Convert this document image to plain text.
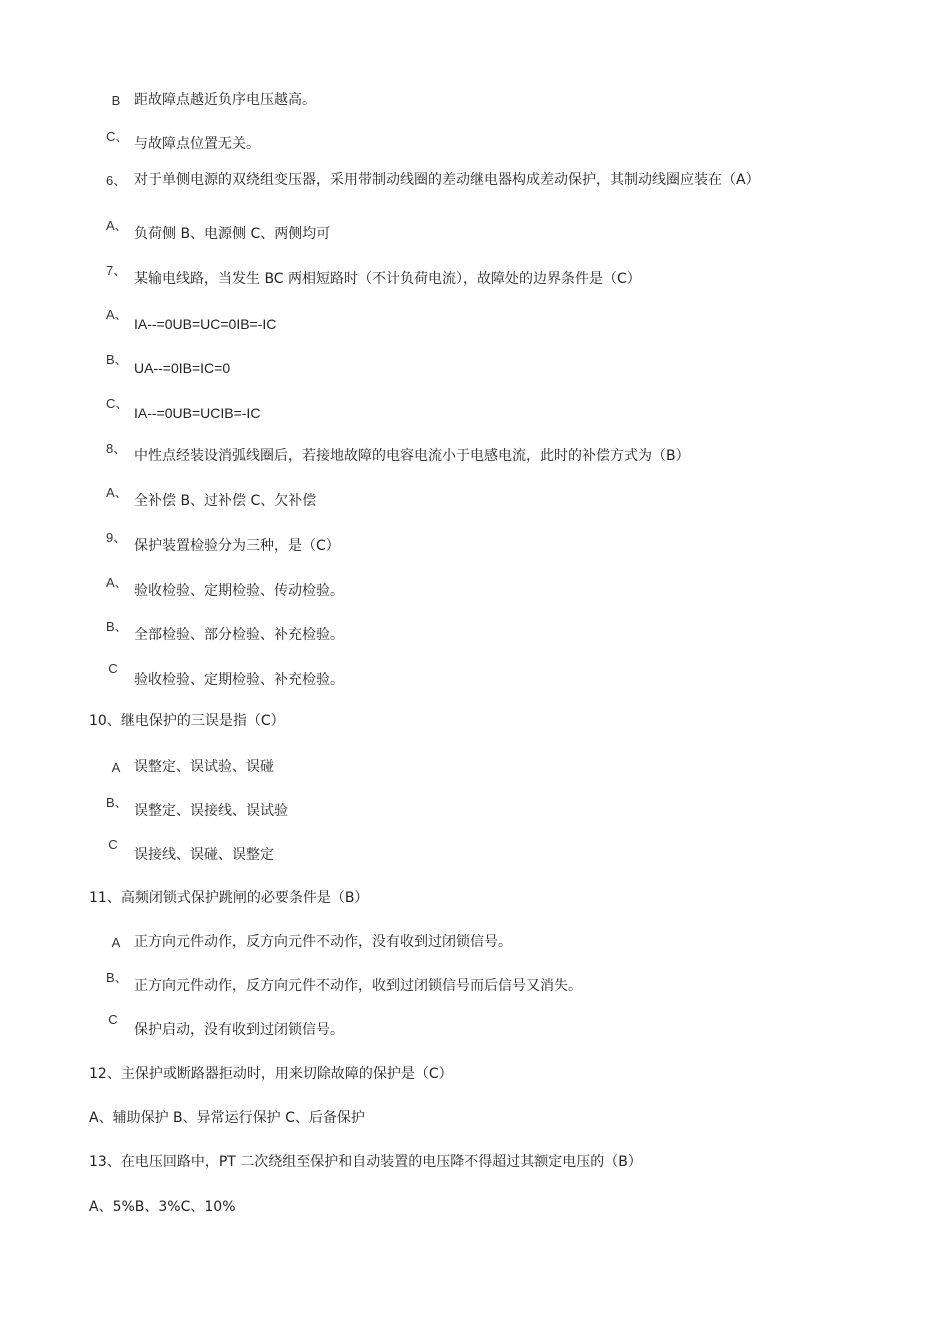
B 距故障点越近负序电压越高。
C、 与故障点位置无关。
6、 对于单侧电源的双绕组变压器，采用带制动线圈的差动继电器构成差动保护，其制动线圈应装在（A）
A、
负荷侧 B、电源侧 C、两侧均可
7、
某输电线路，当发生 BC 两相短路时（不计负荷电流），故障处的边界条件是（C）
A、
IA--=0UB=UC=0IB=-IC
B、
UA--=0IB=IC=0
C、
IA--=0UB=UCIB=-IC
8、 中性点经装设消弧线圈后，若接地故障的电容电流小于电感电流，此时的补偿方式为（B）
A、
全补偿 B、过补偿 C、欠补偿
9、
保护装置检验分为三种，是（C）
A、
验收检验、定期检验、传动检验。
B、
全部检验、部分检验、补充检验。
C
验收检验、定期检验、补充检验。
10、继电保护的三误是指（C）
A 误整定、误试验、误碰
B、
误整定、误接线、误试验
C
误接线、误碰、误整定
11、高频闭锁式保护跳闸的必要条件是（B）
A 正方向元件动作，反方向元件不动作，没有收到过闭锁信号。
B、
正方向元件动作，反方向元件不动作，收到过闭锁信号而后信号又消失。
C
保护启动，没有收到过闭锁信号。
12、主保护或断路器拒动时，用来切除故障的保护是（C）
A、辅助保护 B、异常运行保护 C、后备保护
13、在电压回路中，PT 二次绕组至保护和自动装置的电压降不得超过其额定电压的（B）
A、5%B、3%C、10%
